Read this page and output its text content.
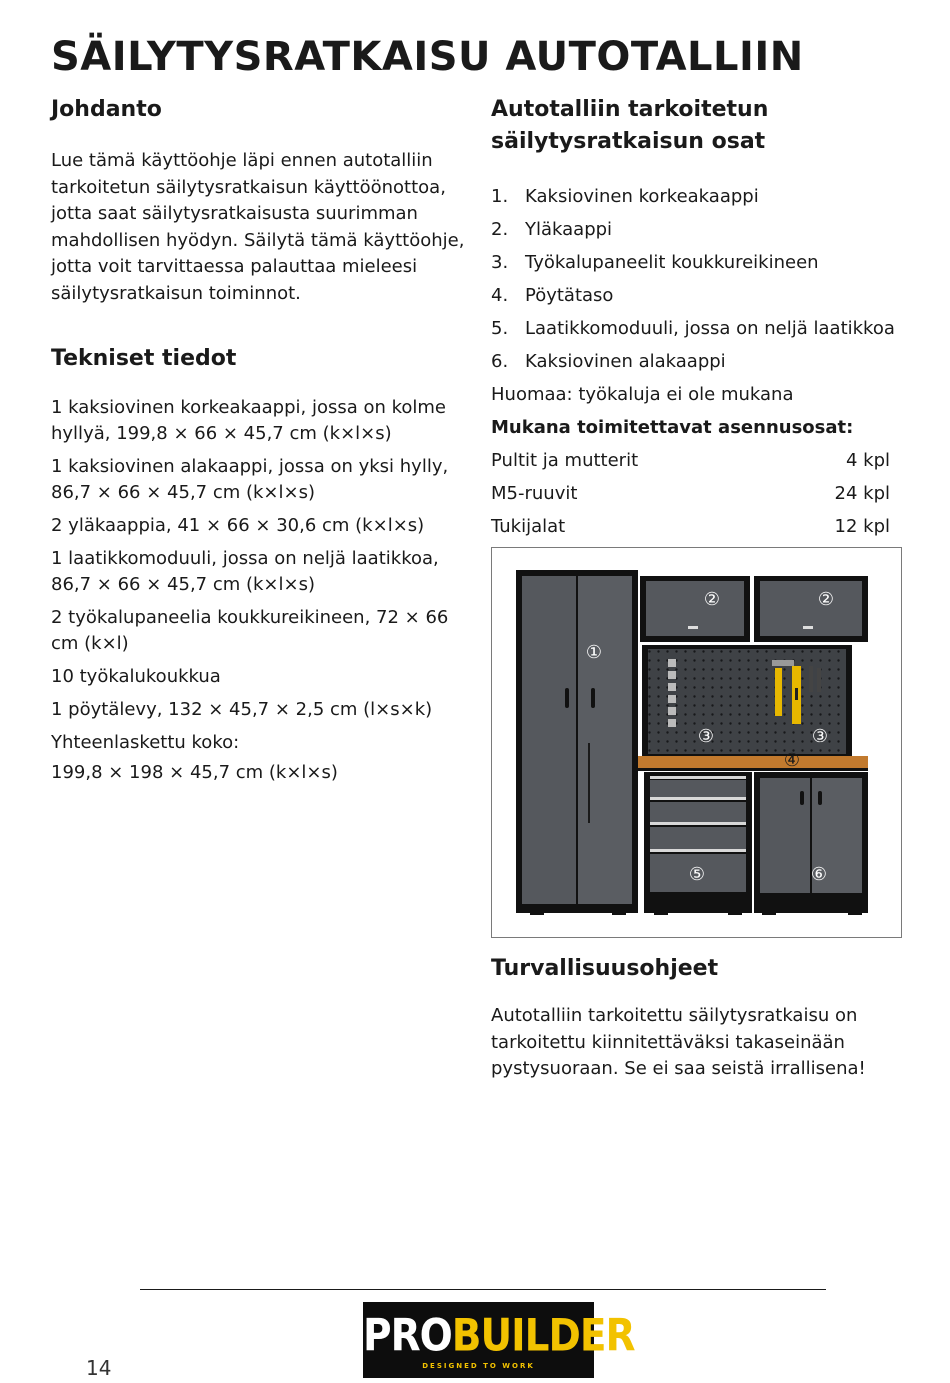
SÄILYTYSRATKAISU AUTOTALLIIN
Johdanto
Lue tämä käyttöohje läpi ennen autotalliin
tarkoitetun säilytysratkaisun käyttöönottoa,
jotta saat säilytysratkaisusta suurimman
mahdollisen hyödyn. Säilytä tämä käyttöohje,
jotta voit tarvittaessa palauttaa mieleesi
säilytysratkaisun toiminnot.
Tekniset tiedot
1 kaksiovinen korkeakaappi, jossa on kolme
hyllyä, 199,8 × 66 × 45,7 cm (k×l×s)
1 kaksiovinen alakaappi, jossa on yksi hylly,
86,7 × 66 × 45,7 cm (k×l×s)
2 yläkaappia, 41 × 66 × 30,6 cm (k×l×s)
1 laatikkomoduuli, jossa on neljä laatikkoa,
86,7 × 66 × 45,7 cm (k×l×s)
2 työkalupaneelia koukkureikineen, 72 × 66
cm (k×l)
10 työkalukoukkua
1 pöytälevy, 132 × 45,7 × 2,5 cm (l×s×k)
Yhteenlaskettu koko:
199,8 × 198 × 45,7 cm (k×l×s)
Autotalliin tarkoitetun
säilytysratkaisun osat
1. Kaksiovinen korkeakaappi
2. Yläkaappi
3. Työkalupaneelit koukkureikineen
4. Pöytätaso
5. Laatikkomoduuli, jossa on neljä laatikkoa
6. Kaksiovinen alakaappi
Huomaa: työkaluja ei ole mukana
Mukana toimitettavat asennusosat:
Pultit ja mutterit	4 kpl
M5-ruuvit	24 kpl
Tukijalat	12 kpl
①
②	②
③	③
④
⑤	⑥
Turvallisuusohjeet
Autotalliin tarkoitettu säilytysratkaisu on
tarkoitettu kiinnitettäväksi takaseinään
pystysuoraan. Se ei saa seistä irrallisena!
PROBUILDER
DESIGNED TO WORK
14
